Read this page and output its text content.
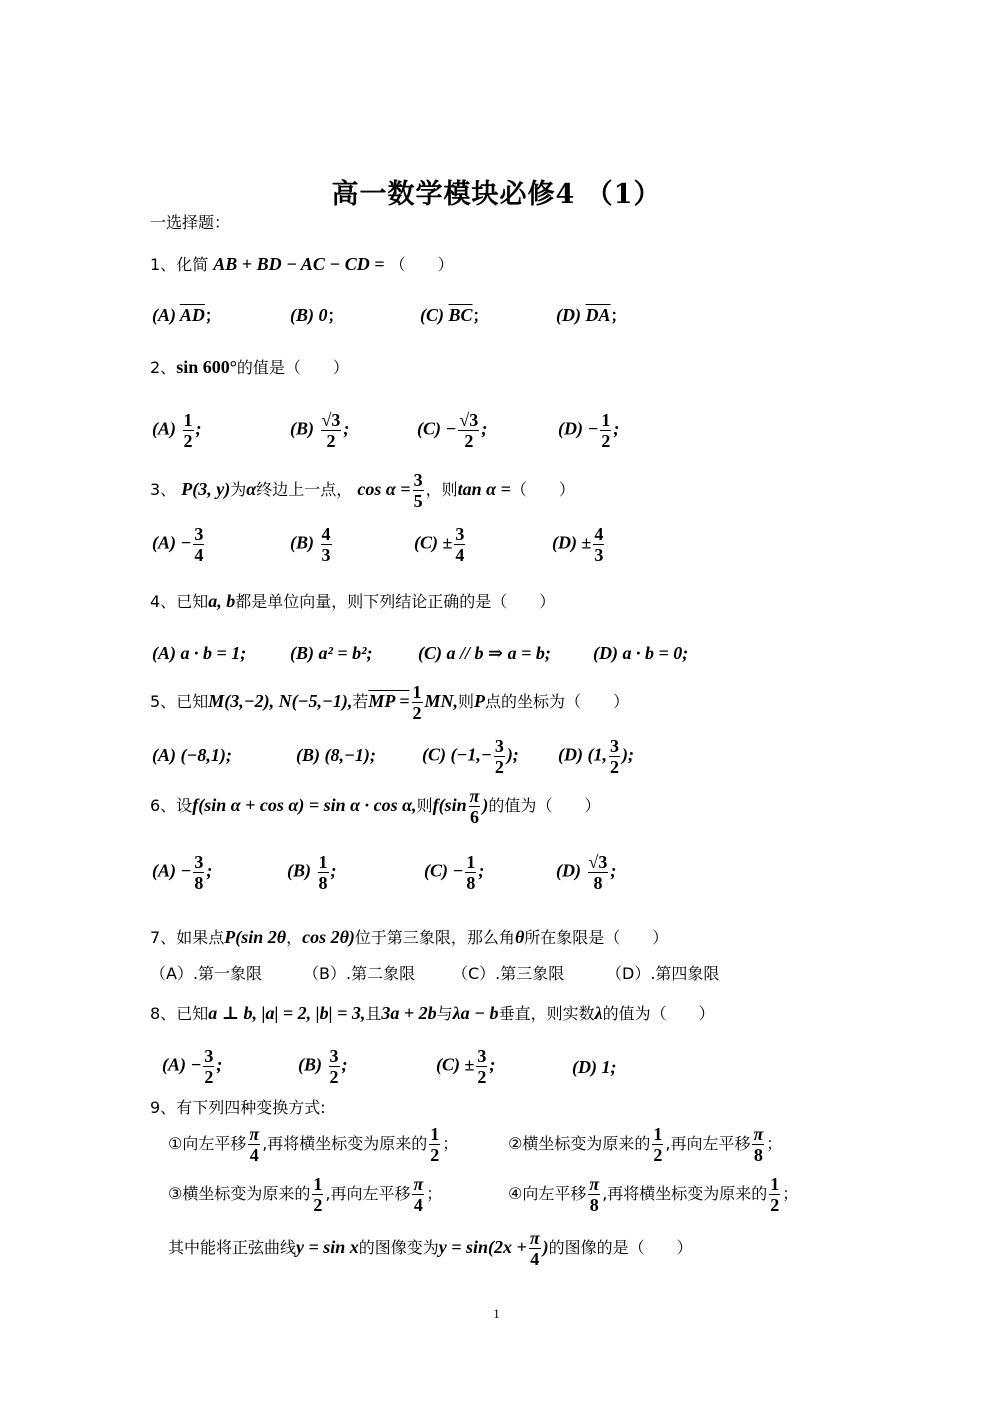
高一数学模块必修4 （1）
一选择题：
1、化简 AB + BD − AC − CD = （　　）
(A) $\overline{AD}$；	(B) 0；	(C) $\overline{BC}$；	(D) $\overline{DA}$；
2、sin 600°的值是（　　）
$(A) \frac{1}{2}$ ;	$(B) \frac{√3}{2}$ ;	$(C) - \frac{√3}{2}$ ;	$(D) - \frac{1}{2}$ ;
3、 P(3, y)为α终边上一点， $\cos \alpha = \frac{3}{5}$ ，则tan α =（　　）
$(A) - \frac{3}{4}$	$(B) \frac{4}{3}$	$(C) \pm \frac{3}{4}$	$(D) \pm \frac{4}{3}$
4、已知a, b都是单位向量，则下列结论正确的是（　　）
(A) a · b = 1; (B) a² = b²;	(C) a // b ⇒ a = b; (D) a · b = 0;
5、已知M(3,−2), N(−5,−1),若MP = $\frac{1}{2}$ MN,则P点的坐标为（　　）
(A) (−8,1);	(B) (8,−1);	(C) ($-1,- \frac{3}{2}$ ); (D) (1, $\frac{3}{2}$ );
6、设f(sin α + cos α) = sin α · cos α,则$f(\sin \frac{\pi}{6}$ )的值为（　　）
$(A) - \frac{3}{8}$ ;	$(B) \frac{1}{8}$ ;	$(C) - \frac{1}{8}$ ;	$(D) \frac{√3}{8}$ ;
7、如果点P(sin 2θ，cos 2θ)位于第三象限，那么角θ所在象限是（　　）
（A）.第一象限	（B）.第二象限 （C）.第三象限	（D）.第四象限
8、已知a ⊥ b, |a| = 2, |b| = 3,且3a + 2b与λa − b垂直，则实数λ的值为（　　）
$(A) - \frac{3}{2}$ ;	$(B) \frac{3}{2}$ ;	$(C) \pm \frac{3}{2}$ ;	(D) 1;
9、有下列四种变换方式:
①向左平移 $\frac{\pi}{4}$ ,再将横坐标变为原来的 $\frac{1}{2}$ ；	②横坐标变为原来的 $\frac{1}{2}$ ,再向左平移 $\frac{\pi}{8}$ ；
③横坐标变为原来的 $\frac{1}{2}$ ,再向左平移 $\frac{\pi}{4}$ ；	④向左平移 $\frac{\pi}{8}$ ,再将横坐标变为原来的 $\frac{1}{2}$ ；
其中能将正弦曲线y = sin x的图像变为$y = \sin(2x + \frac{\pi}{4}$ )的图像的是（　　）
1
